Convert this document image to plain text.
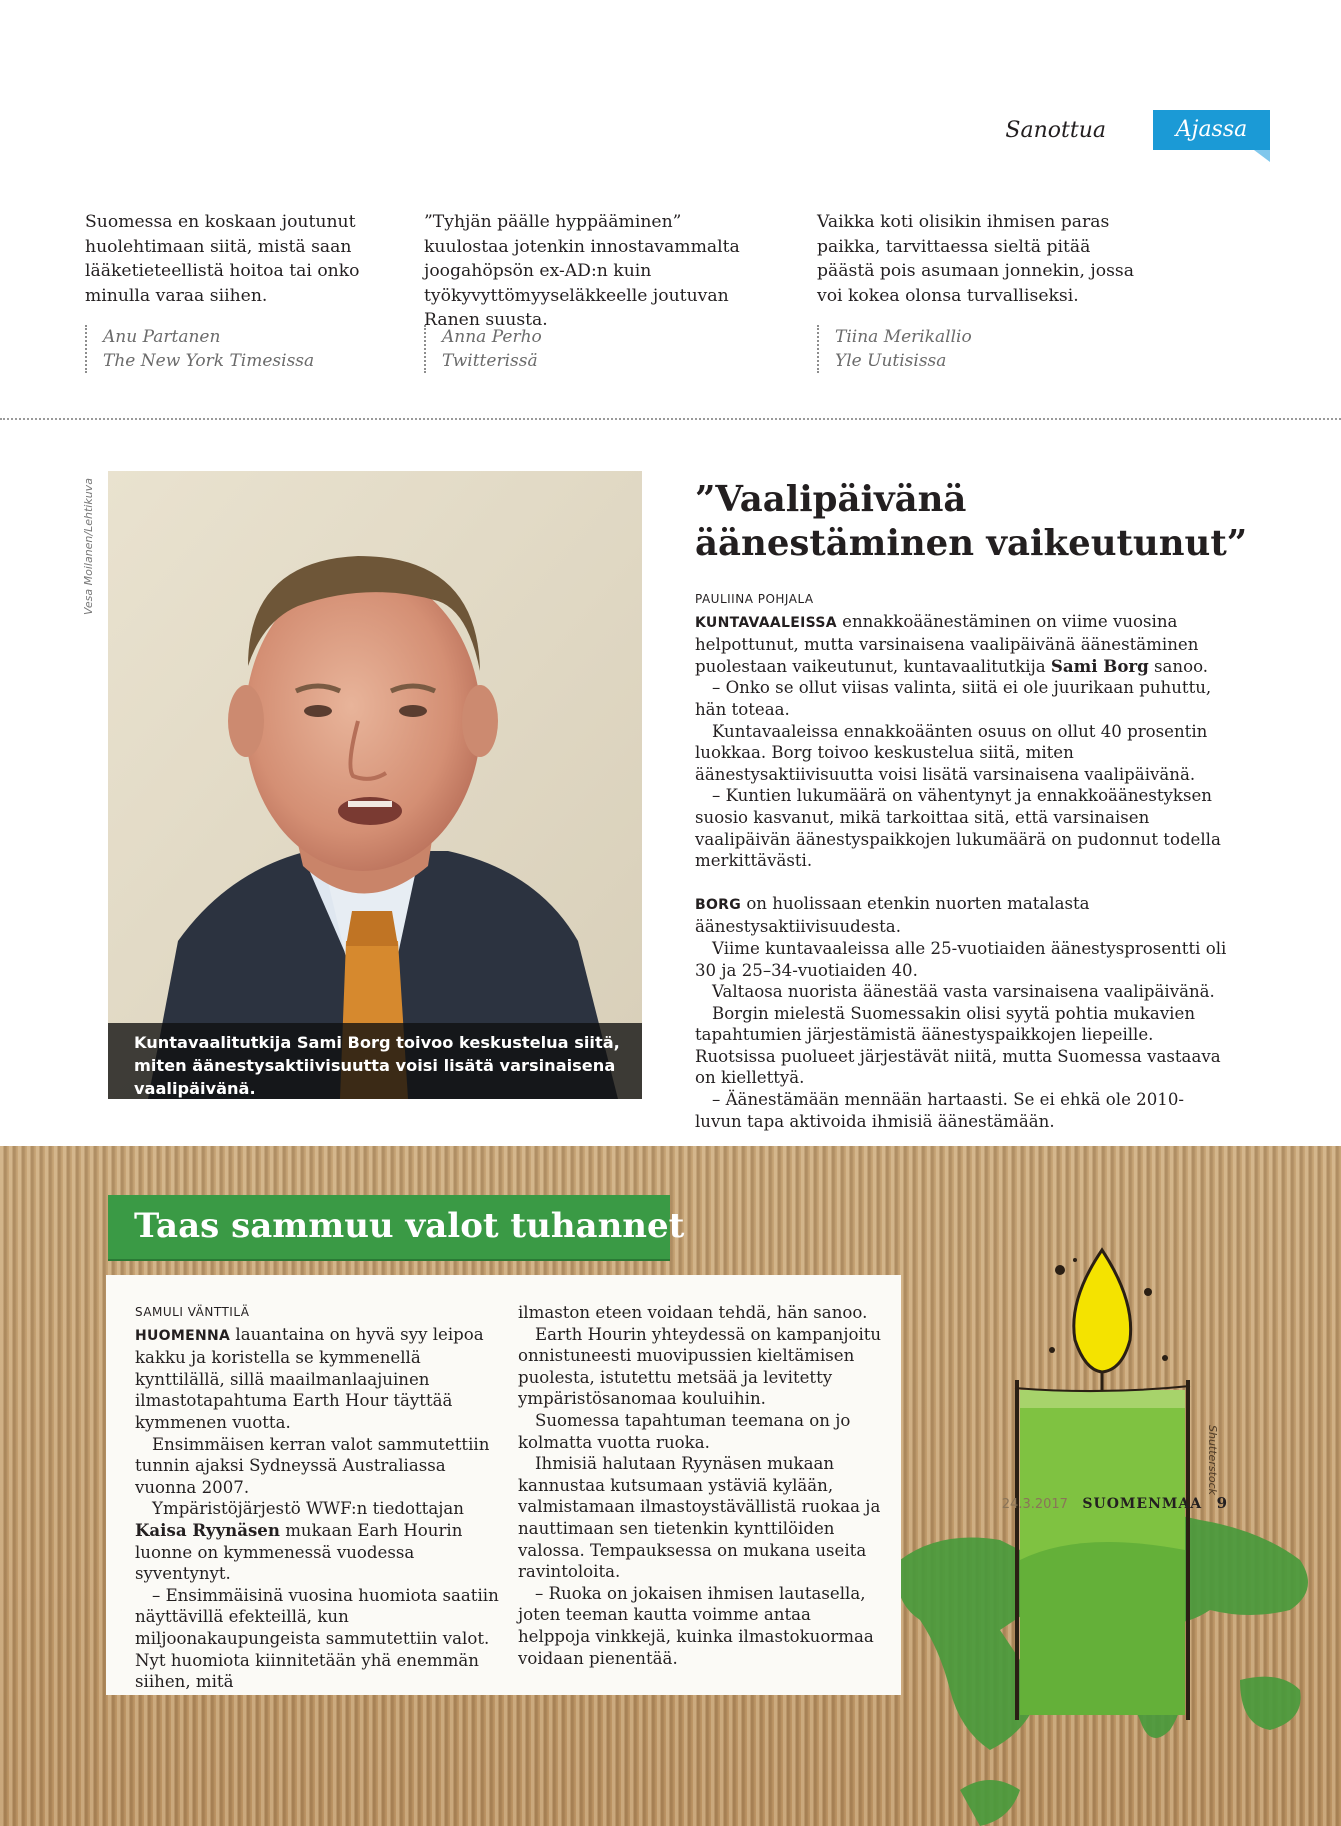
Sanottua	Ajassa
Suomessa en koskaan joutunut huolehtimaan siitä, mistä saan lääketieteellistä hoitoa tai onko minulla varaa siihen.
Anu Partanen
The New York Timesissa
”Tyhjän päälle hyppääminen” kuulostaa jotenkin innostavammalta joogahöpsön ex-AD:n kuin työkyvyttömyyseläkkeelle joutuvan Ranen suusta.
Anna Perho
Twitterissä
Vaikka koti olisikin ihmisen paras paikka, tarvittaessa sieltä pitää päästä pois asumaan jonnekin, jossa voi kokea olonsa turvalliseksi.
Tiina Merikallio
Yle Uutisissa
Vesa Moilanen/Lehtikuva
Kuntavaalitutkija Sami Borg toivoo keskustelua siitä, miten äänestysaktiivisuutta voisi lisätä varsinaisena vaalipäivänä.
”Vaalipäivänä äänestäminen vaikeutunut”
PAULIINA POHJALA

KUNTAVAALEISSA ennakkoäänestäminen on viime vuosina helpottunut, mutta varsinaisena vaalipäivänä äänestäminen puolestaan vaikeutunut, kuntavaalitutkija Sami Borg sanoo.

– Onko se ollut viisas valinta, siitä ei ole juurikaan puhuttu, hän toteaa.

Kuntavaaleissa ennakkoäänten osuus on ollut 40 prosentin luokkaa. Borg toivoo keskustelua siitä, miten äänestysaktiivisuutta voisi lisätä varsinaisena vaalipäivänä.

– Kuntien lukumäärä on vähentynyt ja ennakkoäänestyksen suosio kasvanut, mikä tarkoittaa sitä, että varsinaisen vaalipäivän äänestyspaikkojen lukumäärä on pudonnut todella merkittävästi.

BORG on huolissaan etenkin nuorten matalasta äänestysaktiivisuudesta.

Viime kuntavaaleissa alle 25-vuotiaiden äänestysprosentti oli 30 ja 25–34-vuotiaiden 40.

Valtaosa nuorista äänestää vasta varsinaisena vaalipäivänä.

Borgin mielestä Suomessakin olisi syytä pohtia mukavien tapahtumien järjestämistä äänestyspaikkojen liepeille. Ruotsissa puolueet järjestävät niitä, mutta Suomessa vastaava on kiellettyä.

– Äänestämään mennään hartaasti. Se ei ehkä ole 2010-luvun tapa aktivoida ihmisiä äänestämään.

Shutterstock
Taas sammuu valot tuhannet
SAMULI VÄNTTILÄ

HUOMENNA lauantaina on hyvä syy leipoa kakku ja koristella se kymmenellä kynttilällä, sillä maailmanlaajuinen ilmastotapahtuma Earth Hour täyttää kymmenen vuotta.

Ensimmäisen kerran valot sammutettiin tunnin ajaksi Sydneyssä Australiassa vuonna 2007.

Ympäristöjärjestö WWF:n tiedottajan Kaisa Ryynäsen mukaan Earh Hourin luonne on kymmenessä vuodessa syventynyt.

– Ensimmäisinä vuosina huomiota saatiin näyttävillä efekteillä, kun miljoonakaupungeista sammutettiin valot. Nyt huomiota kiinnitetään yhä enemmän siihen, mitä

ilmaston eteen voidaan tehdä, hän sanoo.

Earth Hourin yhteydessä on kampanjoitu onnistuneesti muovipussien kieltämisen puolesta, istutettu metsää ja levitetty ympäristösanomaa kouluihin.

Suomessa tapahtuman teemana on jo kolmatta vuotta ruoka.

Ihmisiä halutaan Ryynäsen mukaan kannustaa kutsumaan ystäviä kylään, valmistamaan ilmastoystävällistä ruokaa ja nauttimaan sen tietenkin kynttilöiden valossa. Tempauksessa on mukana useita ravintoloita.

– Ruoka on jokaisen ihmisen lautasella, joten teeman kautta voimme antaa helppoja vinkkejä, kuinka ilmastokuormaa voidaan pienentää.

24.3.2017 SUOMENMAA 9
